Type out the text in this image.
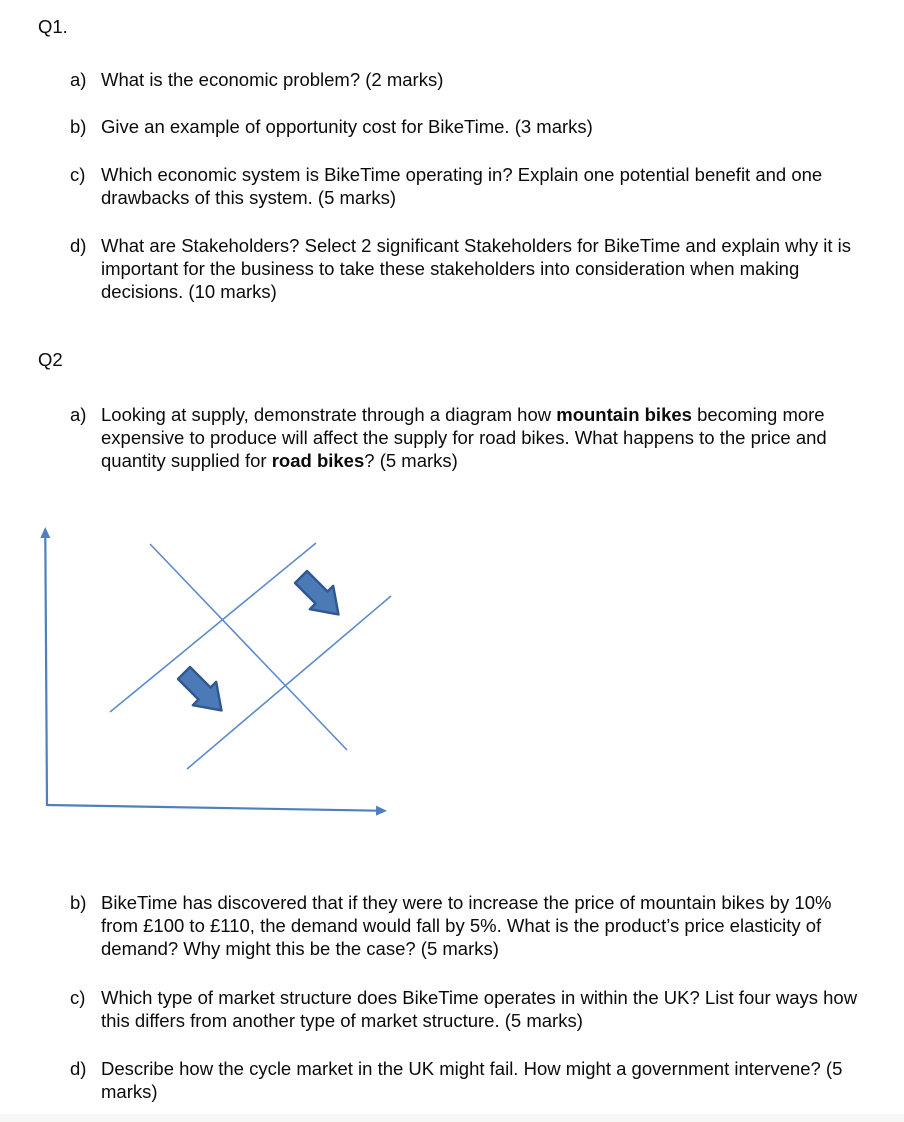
Q1.
a) What is the economic problem? (2 marks)
b) Give an example of opportunity cost for BikeTime. (3 marks)
c) Which economic system is BikeTime operating in? Explain one potential benefit and one drawbacks of this system. (5 marks)
d) What are Stakeholders? Select 2 significant Stakeholders for BikeTime and explain why it is important for the business to take these stakeholders into consideration when making decisions. (10 marks)
Q2
a) Looking at supply, demonstrate through a diagram how mountain bikes becoming more expensive to produce will affect the supply for road bikes. What happens to the price and quantity supplied for road bikes? (5 marks)
b) BikeTime has discovered that if they were to increase the price of mountain bikes by 10% from £100 to £110, the demand would fall by 5%. What is the product’s price elasticity of demand? Why might this be the case? (5 marks)
c) Which type of market structure does BikeTime operates in within the UK? List four ways how this differs from another type of market structure. (5 marks)
d) Describe how the cycle market in the UK might fail. How might a government intervene? (5 marks)
